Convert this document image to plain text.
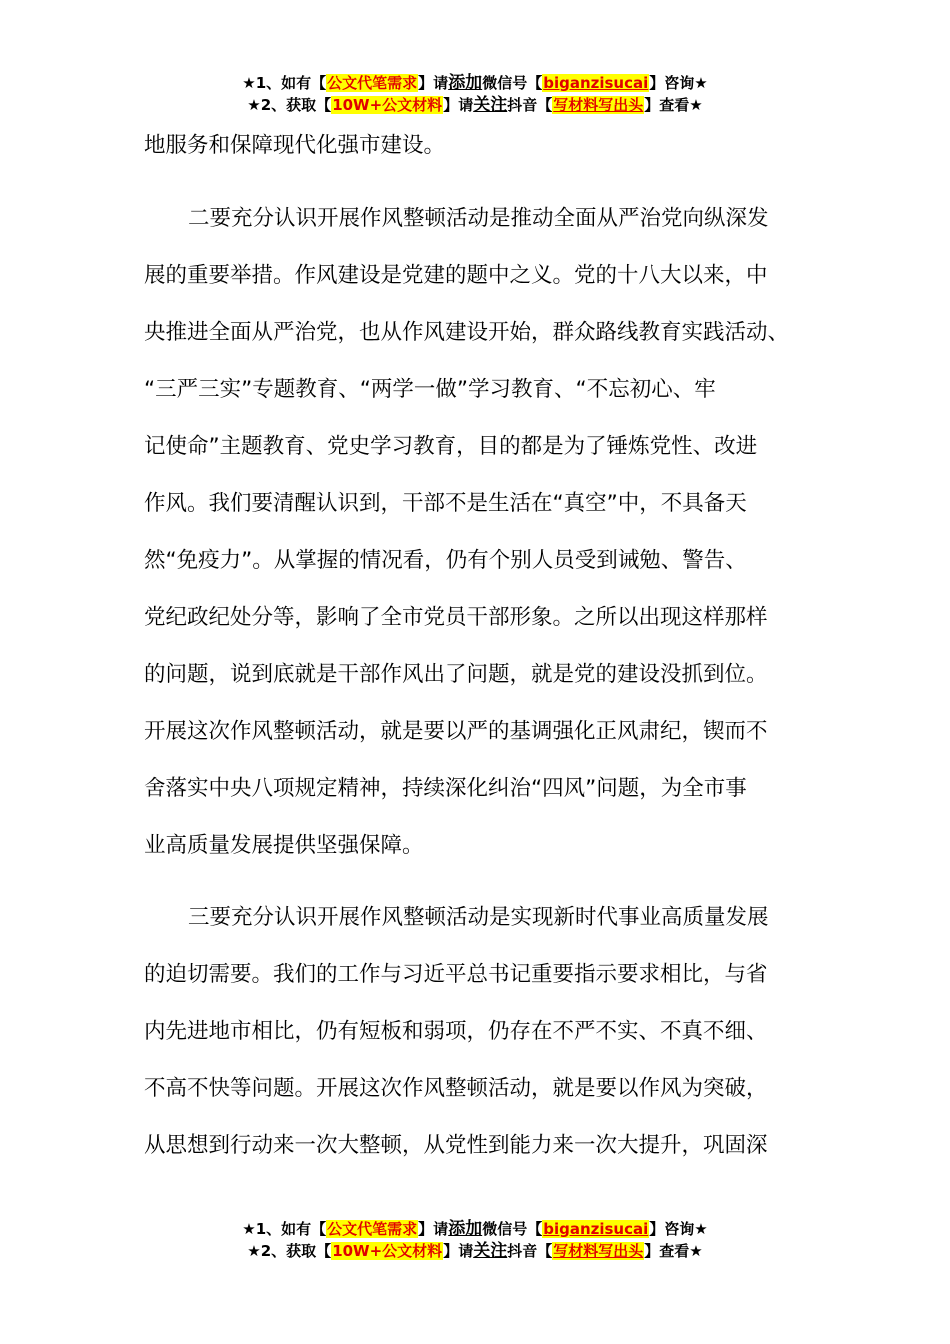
★1、如有【公文代笔需求】请添加微信号【biganzisucai】咨询★
★2、获取【10W+公文材料】请关注抖音【写材料写出头】查看★
地服务和保障现代化强市建设。
二要充分认识开展作风整顿活动是推动全面从严治党向纵深发
展的重要举措。作风建设是党建的题中之义。党的十八大以来，中
央推进全面从严治党，也从作风建设开始，群众路线教育实践活动、
“三严三实”专题教育、“两学一做”学习教育、“不忘初心、牢
记使命”主题教育、党史学习教育，目的都是为了锤炼党性、改进
作风。我们要清醒认识到，干部不是生活在“真空”中，不具备天
然“免疫力”。从掌握的情况看，仍有个别人员受到诫勉、警告、
党纪政纪处分等，影响了全市党员干部形象。之所以出现这样那样
的问题，说到底就是干部作风出了问题，就是党的建设没抓到位。
开展这次作风整顿活动，就是要以严的基调强化正风肃纪，锲而不
舍落实中央八项规定精神，持续深化纠治“四风”问题，为全市事
业高质量发展提供坚强保障。
三要充分认识开展作风整顿活动是实现新时代事业高质量发展
的迫切需要。我们的工作与习近平总书记重要指示要求相比，与省
内先进地市相比，仍有短板和弱项，仍存在不严不实、不真不细、
不高不快等问题。开展这次作风整顿活动，就是要以作风为突破，
从思想到行动来一次大整顿，从党性到能力来一次大提升，巩固深
★1、如有【公文代笔需求】请添加微信号【biganzisucai】咨询★
★2、获取【10W+公文材料】请关注抖音【写材料写出头】查看★
